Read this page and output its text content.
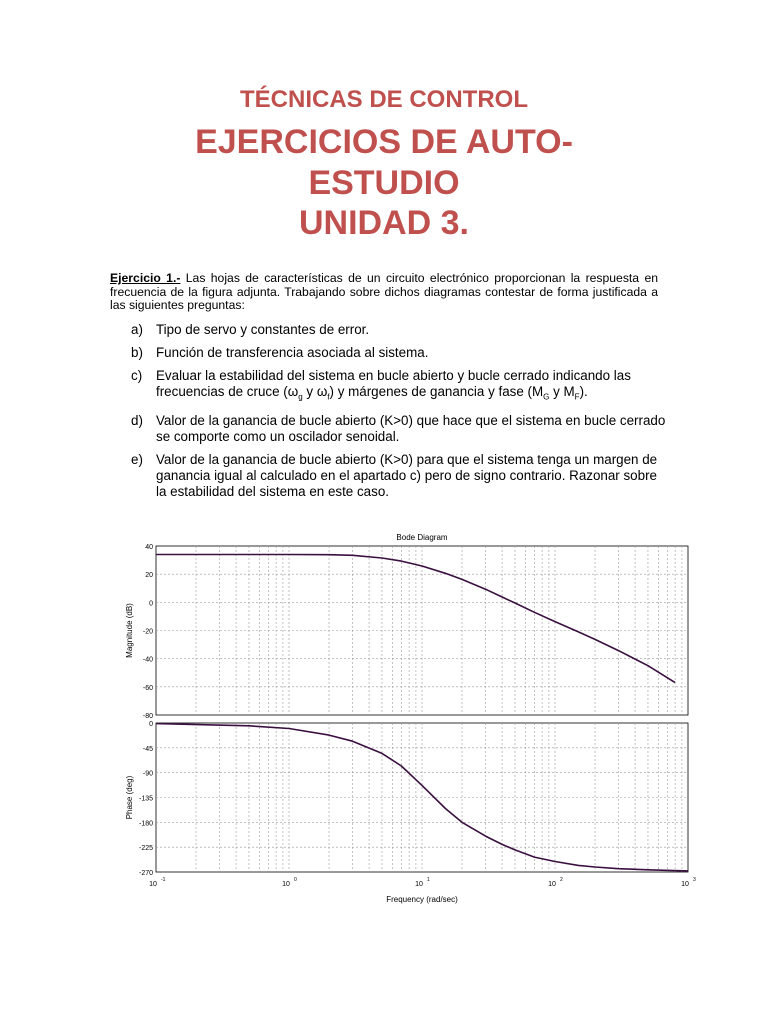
TÉCNICAS DE CONTROL
EJERCICIOS DE AUTO-
ESTUDIO
UNIDAD 3.

Ejercicio 1.- Las hojas de características de un circuito electrónico proporcionan la respuesta en frecuencia de la figura adjunta. Trabajando sobre dichos diagramas contestar de forma justificada a las siguientes preguntas:

a) Tipo de servo y constantes de error.
b) Función de transferencia asociada al sistema.
c) Evaluar la estabilidad del sistema en bucle abierto y bucle cerrado indicando las frecuencias de cruce ($\omega_g$ y $\omega_f$) y márgenes de ganancia y fase ($M_G$ y $M_F$).
d) Valor de la ganancia de bucle abierto (K>0) que hace que el sistema en bucle cerrado se comporte como un oscilador senoidal.
e) Valor de la ganancia de bucle abierto (K>0) para que el sistema tenga un margen de ganancia igual al calculado en el apartado c) pero de signo contrario. Razonar sobre la estabilidad del sistema en este caso.
Bode Diagram
Magnitude (dB)
Phase (deg)
Frequency (rad/sec)
40
20
0
-20
-40
-60
-80
0
-45
-90
-135
-180
-225
-270
10
-1
10
0
10
1
10
2
10
3
